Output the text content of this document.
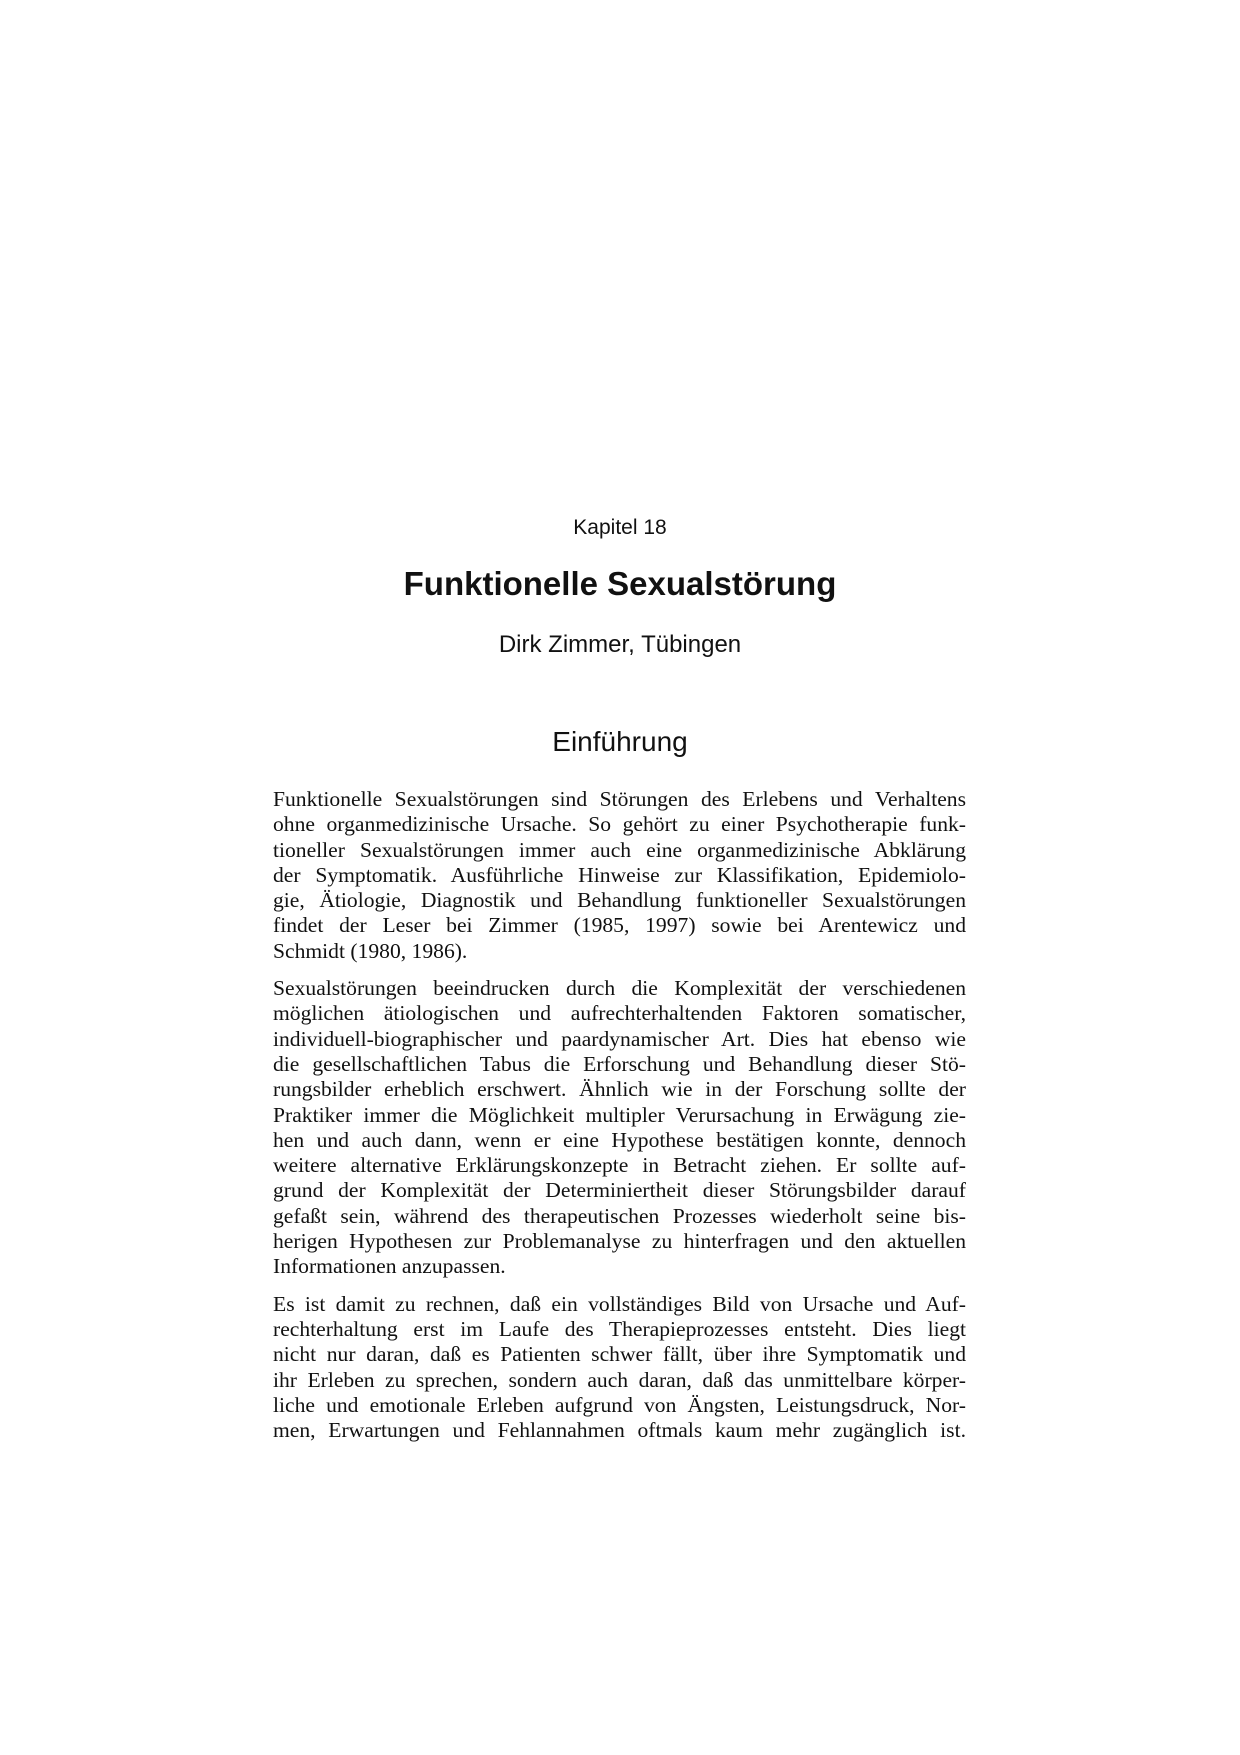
Kapitel 18
Funktionelle Sexualstörung
Dirk Zimmer, Tübingen
Einführung
Funktionelle Sexualstörungen sind Störungen des Erlebens und Verhaltens
ohne organmedizinische Ursache. So gehört zu einer Psychotherapie funk-
tioneller Sexualstörungen immer auch eine organmedizinische Abklärung
der Symptomatik. Ausführliche Hinweise zur Klassifikation, Epidemiolo-
gie, Ätiologie, Diagnostik und Behandlung funktioneller Sexualstörungen
findet der Leser bei Zimmer (1985, 1997) sowie bei Arentewicz und
Schmidt (1980, 1986).
Sexualstörungen beeindrucken durch die Komplexität der verschiedenen
möglichen ätiologischen und aufrechterhaltenden Faktoren somatischer,
individuell-biographischer und paardynamischer Art. Dies hat ebenso wie
die gesellschaftlichen Tabus die Erforschung und Behandlung dieser Stö-
rungsbilder erheblich erschwert. Ähnlich wie in der Forschung sollte der
Praktiker immer die Möglichkeit multipler Verursachung in Erwägung zie-
hen und auch dann, wenn er eine Hypothese bestätigen konnte, dennoch
weitere alternative Erklärungskonzepte in Betracht ziehen. Er sollte auf-
grund der Komplexität der Determiniertheit dieser Störungsbilder darauf
gefaßt sein, während des therapeutischen Prozesses wiederholt seine bis-
herigen Hypothesen zur Problemanalyse zu hinterfragen und den aktuellen
Informationen anzupassen.
Es ist damit zu rechnen, daß ein vollständiges Bild von Ursache und Auf-
rechterhaltung erst im Laufe des Therapieprozesses entsteht. Dies liegt
nicht nur daran, daß es Patienten schwer fällt, über ihre Symptomatik und
ihr Erleben zu sprechen, sondern auch daran, daß das unmittelbare körper-
liche und emotionale Erleben aufgrund von Ängsten, Leistungsdruck, Nor-
men, Erwartungen und Fehlannahmen oftmals kaum mehr zugänglich ist.
